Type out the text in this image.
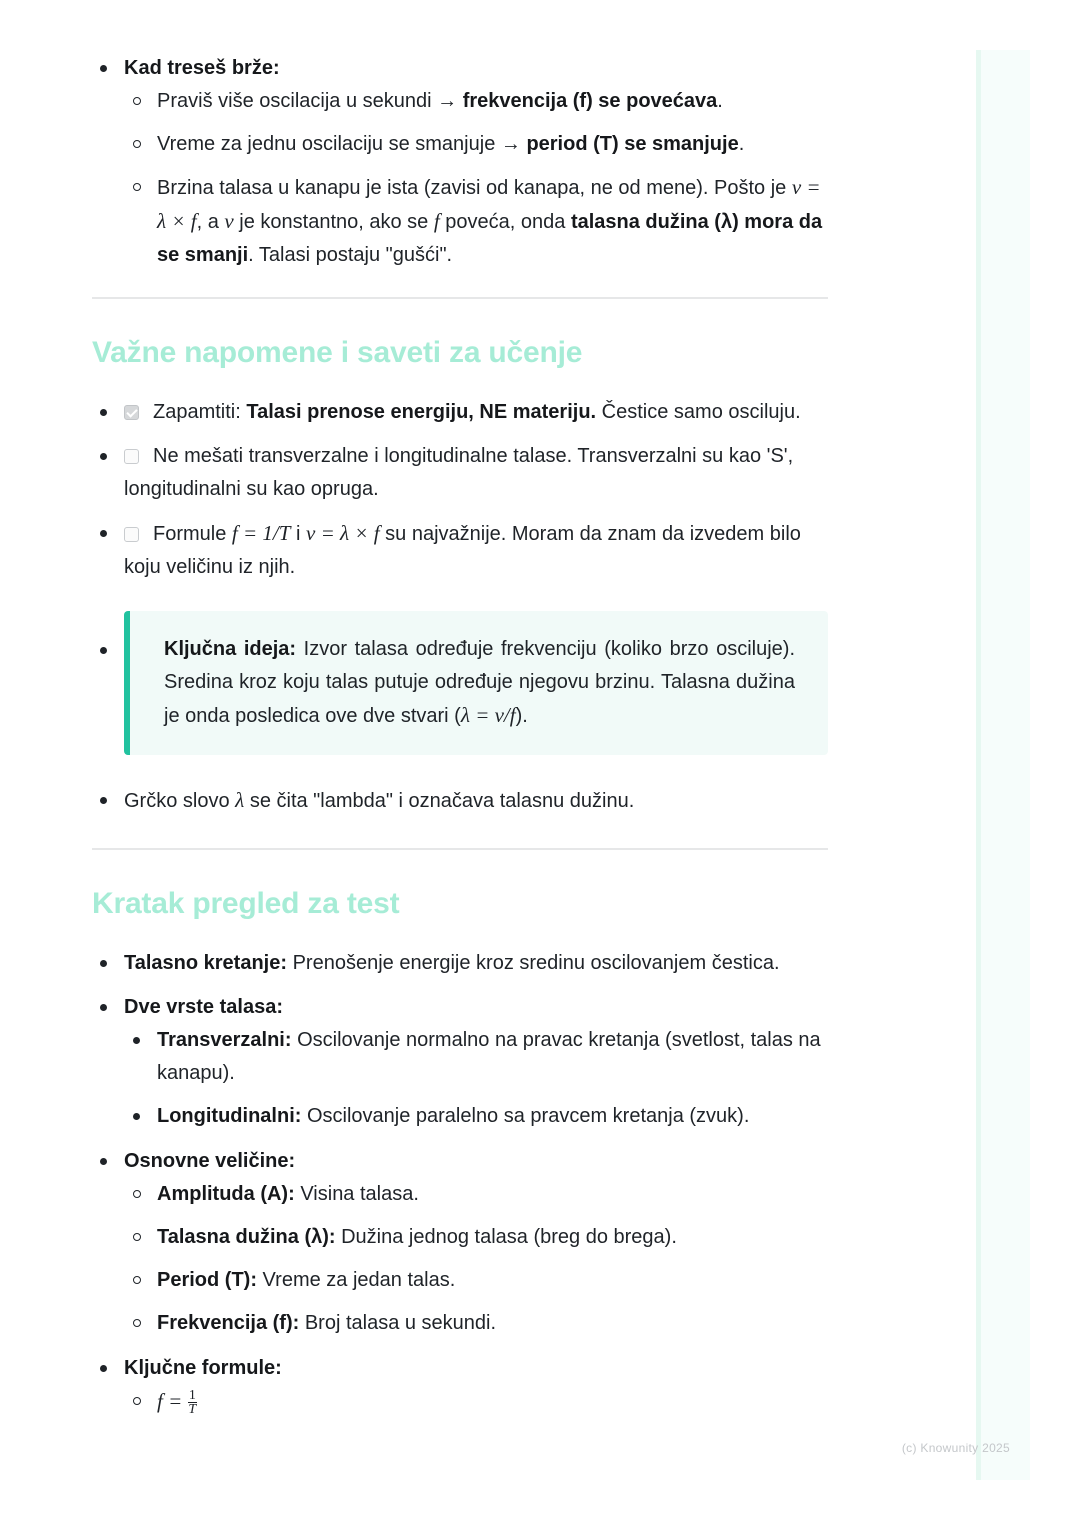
Kad treseš brže:
Praviš više oscilacija u sekundi → frekvencija (f) se povećava.
Vreme za jednu oscilaciju se smanjuje → period (T) se smanjuje.
Brzina talasa u kanapu je ista (zavisi od kanapa, ne od mene). Pošto je v = λ × f, a v je konstantno, ako se f poveća, onda talasna dužina (λ) mora da se smanji. Talasi postaju "gušći".
Važne napomene i saveti za učenje
Zapamtiti: Talasi prenose energiju, NE materiju. Čestice samo osciluju.
Ne mešati transverzalne i longitudinalne talase. Transverzalni su kao 'S', longitudinalni su kao opruga.
Formule f = 1/T i v = λ × f su najvažnije. Moram da znam da izvedem bilo koju veličinu iz njih.
Ključna ideja: Izvor talasa određuje frekvenciju (koliko brzo osciluje). Sredina kroz koju talas putuje određuje njegovu brzinu. Talasna dužina je onda posledica ove dve stvari (λ = v/f).
Grčko slovo λ se čita "lambda" i označava talasnu dužinu.
Kratak pregled za test
Talasno kretanje: Prenošenje energije kroz sredinu oscilovanjem čestica.
Dve vrste talasa:
Transverzalni: Oscilovanje normalno na pravac kretanja (svetlost, talas na kanapu).
Longitudinalni: Oscilovanje paralelno sa pravcem kretanja (zvuk).
Osnovne veličine:
Amplituda (A): Visina talasa.
Talasna dužina (λ): Dužina jednog talasa (breg do brega).
Period (T): Vreme za jedan talas.
Frekvencija (f): Broj talasa u sekundi.
Ključne formule:
$f = \frac{1}{T}$
(c) Knowunity 2025
